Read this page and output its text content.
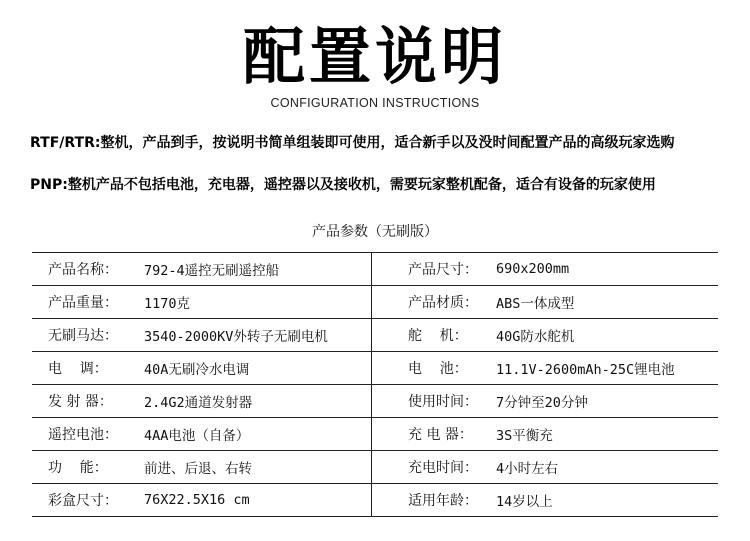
配置说明
CONFIGURATION INSTRUCTIONS
RTF/RTR:整机，产品到手，按说明书简单组装即可使用，适合新手以及没时间配置产品的高级玩家选购
PNP:整机产品不包括电池，充电器，遥控器以及接收机，需要玩家整机配备，适合有设备的玩家使用
产品参数（无刷版）
产品名称：	792-4遥控无刷遥控船	产品尺寸：	690x200mm
产品重量：	1170克	产品材质：	ABS一体成型
无刷马达：	3540-2000KV外转子无刷电机	舵    机：	40G防水舵机
电    调：	40A无刷冷水电调	电    池：	11.1V-2600mAh-25C锂电池
发 射 器：	2.4G2通道发射器	使用时间：	7分钟至20分钟
遥控电池：	4AA电池（自备）	充 电 器：	3S平衡充
功    能：	前进、后退、右转	充电时间：	4小时左右
彩盒尺寸：	76X22.5X16 cm	适用年龄：	14岁以上
